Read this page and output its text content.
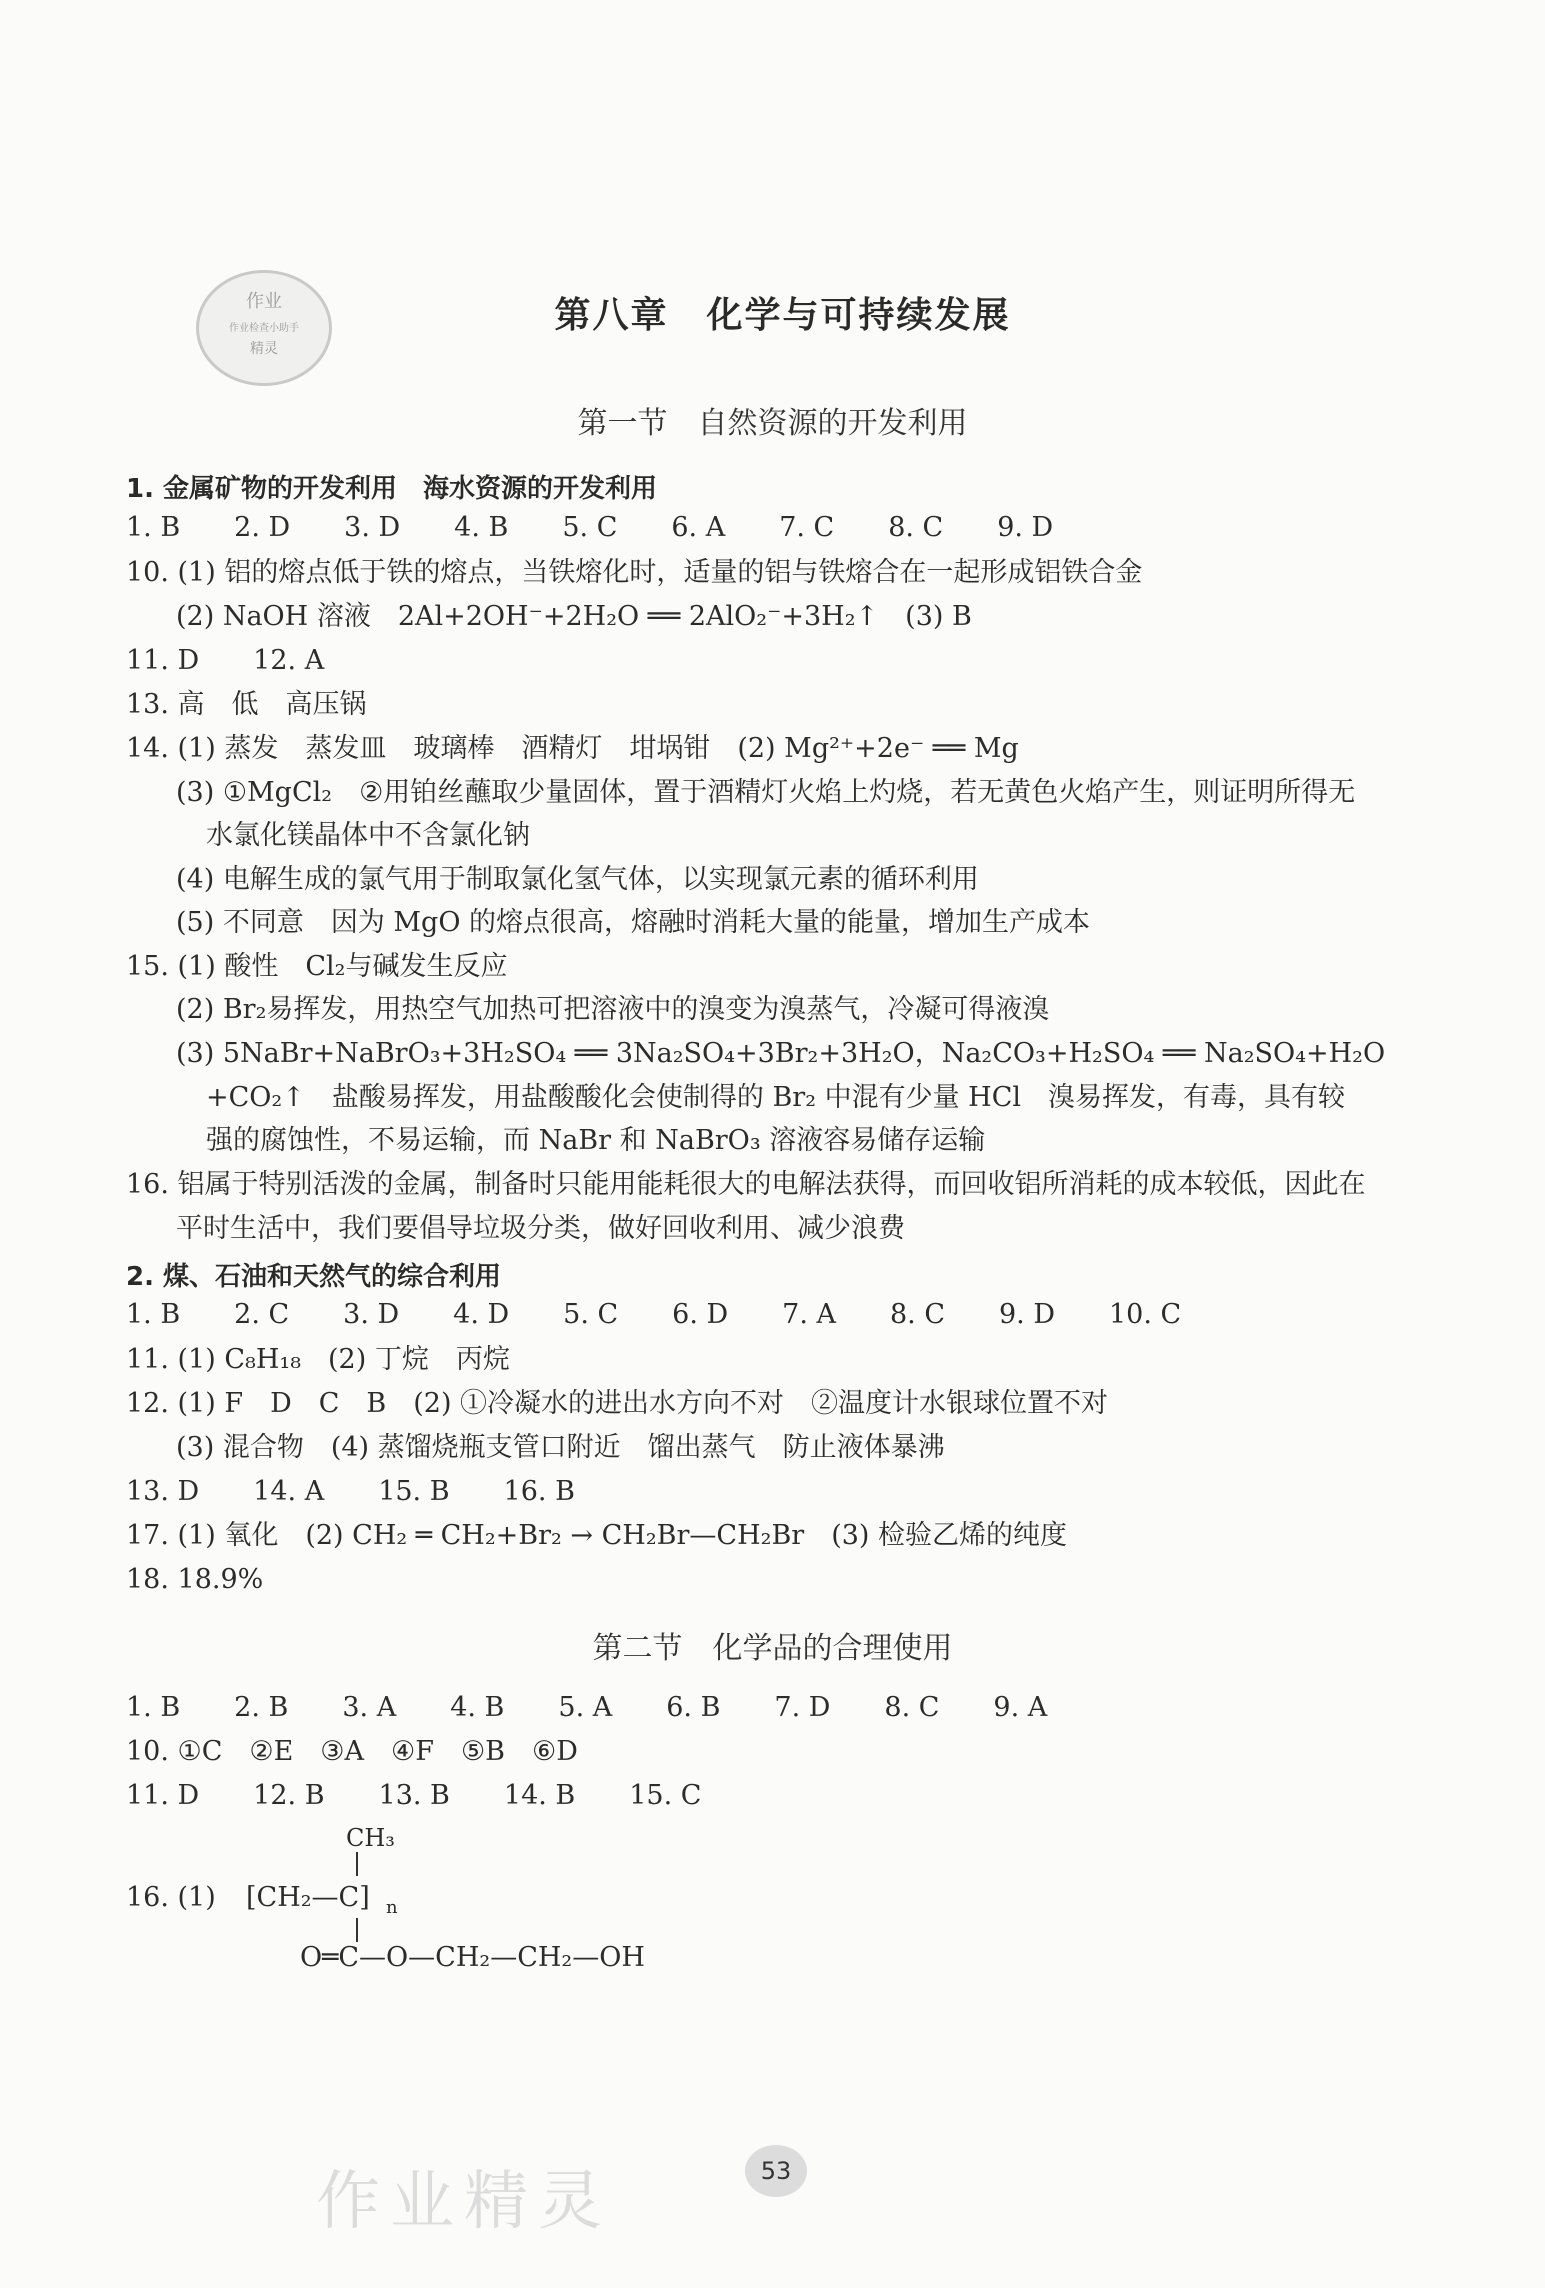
作业
作业检查小助手
精灵
第八章　化学与可持续发展
第一节　自然资源的开发利用
1. 金属矿物的开发利用　海水资源的开发利用
1. B　　2. D　　3. D　　4. B　　5. C　　6. A　　7. C　　8. C　　9. D
10. (1) 铝的熔点低于铁的熔点，当铁熔化时，适量的铝与铁熔合在一起形成铝铁合金
(2) NaOH 溶液　2Al+2OH⁻+2H₂O ══ 2AlO₂⁻+3H₂↑　(3) B
11. D　　12. A
13. 高　低　高压锅
14. (1) 蒸发　蒸发皿　玻璃棒　酒精灯　坩埚钳　(2) Mg²⁺+2e⁻ ══ Mg
(3) ①MgCl₂　②用铂丝蘸取少量固体，置于酒精灯火焰上灼烧，若无黄色火焰产生，则证明所得无
水氯化镁晶体中不含氯化钠
(4) 电解生成的氯气用于制取氯化氢气体，以实现氯元素的循环利用
(5) 不同意　因为 MgO 的熔点很高，熔融时消耗大量的能量，增加生产成本
15. (1) 酸性　Cl₂与碱发生反应
(2) Br₂易挥发，用热空气加热可把溶液中的溴变为溴蒸气，冷凝可得液溴
(3) 5NaBr+NaBrO₃+3H₂SO₄ ══ 3Na₂SO₄+3Br₂+3H₂O，Na₂CO₃+H₂SO₄ ══ Na₂SO₄+H₂O
+CO₂↑　盐酸易挥发，用盐酸酸化会使制得的 Br₂ 中混有少量 HCl　溴易挥发，有毒，具有较
强的腐蚀性，不易运输，而 NaBr 和 NaBrO₃ 溶液容易储存运输
16. 铝属于特别活泼的金属，制备时只能用能耗很大的电解法获得，而回收铝所消耗的成本较低，因此在
平时生活中，我们要倡导垃圾分类，做好回收利用、减少浪费
2. 煤、石油和天然气的综合利用
1. B　　2. C　　3. D　　4. D　　5. C　　6. D　　7. A　　8. C　　9. D　　10. C
11. (1) C₈H₁₈　(2) 丁烷　丙烷
12. (1) F　D　C　B　(2) ①冷凝水的进出水方向不对　②温度计水银球位置不对
(3) 混合物　(4) 蒸馏烧瓶支管口附近　馏出蒸气　防止液体暴沸
13. D　　14. A　　15. B　　16. B
17. (1) 氧化　(2) CH₂ ═ CH₂+Br₂ → CH₂Br—CH₂Br　(3) 检验乙烯的纯度
18. 18.9%
第二节　化学品的合理使用
1. B　　2. B　　3. A　　4. B　　5. A　　6. B　　7. D　　8. C　　9. A
10. ①C　②E　③A　④F　⑤B　⑥D
11. D　　12. B　　13. B　　14. B　　15. C
CH₃
16. (1) [CH₂—C] n
O═C—O—CH₂—CH₂—OH
作业精灵	53
